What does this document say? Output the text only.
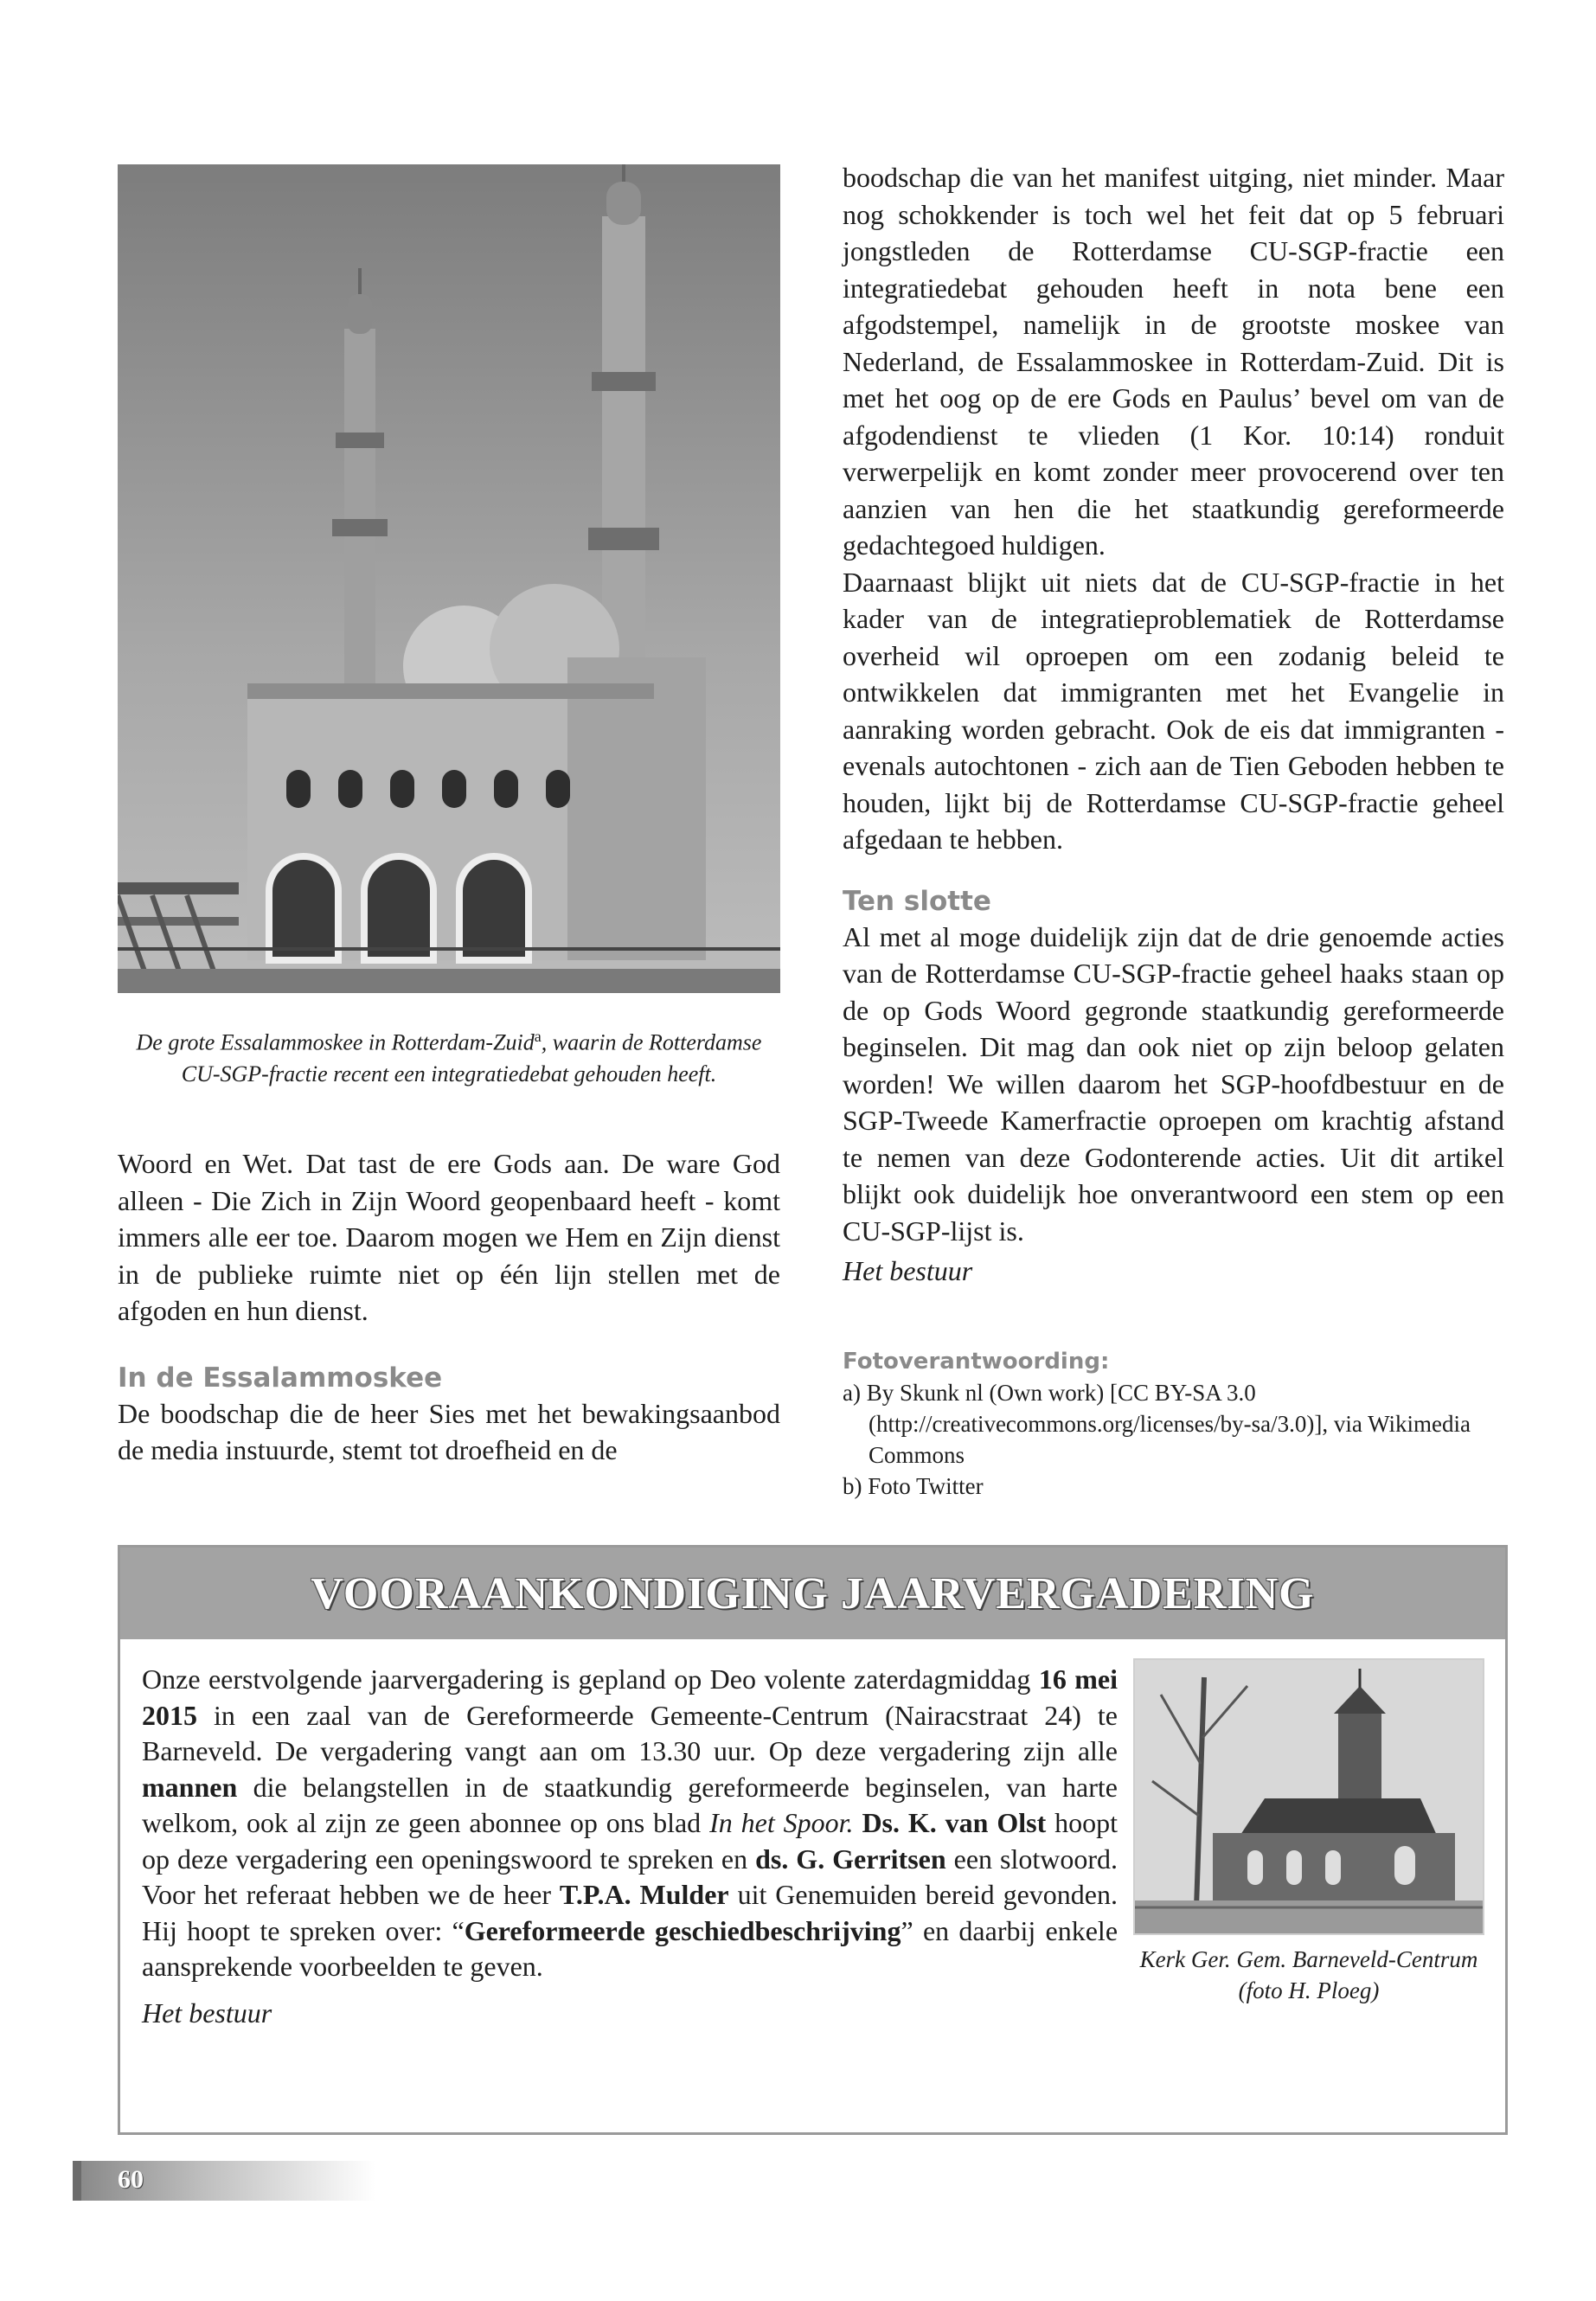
De grote Essalammoskee in Rotterdam-Zuid$^a$, waarin de Rotterdamse CU-SGP-fractie recent een integratiedebat gehouden heeft.

Woord en Wet. Dat tast de ere Gods aan. De ware God alleen - Die Zich in Zijn Woord geopenbaard heeft - komt immers alle eer toe. Daarom mogen we Hem en Zijn dienst in de publieke ruimte niet op één lijn stellen met de afgoden en hun dienst.

In de Essalammoskee

De boodschap die de heer Sies met het bewakingsaanbod de media instuurde, stemt tot droefheid en de

boodschap die van het manifest uitging, niet minder. Maar nog schokkender is toch wel het feit dat op 5 februari jongstleden de Rotterdamse CU-SGP-fractie een integratiedebat gehouden heeft in nota bene een afgodstempel, namelijk in de grootste moskee van Nederland, de Essalammoskee in Rotterdam-Zuid. Dit is met het oog op de ere Gods en Paulus’ bevel om van de afgodendienst te vlieden (1 Kor. 10:14) ronduit verwerpelijk en komt zonder meer provocerend over ten aanzien van hen die het staatkundig gereformeerde gedachtegoed huldigen.

Daarnaast blijkt uit niets dat de CU-SGP-fractie in het kader van de integratieproblematiek de Rotterdamse overheid wil oproepen om een zodanig beleid te ontwikkelen dat immigranten met het Evangelie in aanraking worden gebracht. Ook de eis dat immigranten - evenals autochtonen - zich aan de Tien Geboden hebben te houden, lijkt bij de Rotterdamse CU-SGP-fractie geheel afgedaan te hebben.

Ten slotte

Al met al moge duidelijk zijn dat de drie genoemde acties van de Rotterdamse CU-SGP-fractie geheel haaks staan op de op Gods Woord gegronde staatkundig gereformeerde beginselen. Dit mag dan ook niet op zijn beloop gelaten worden! We willen daarom het SGP-hoofdbestuur en de SGP-Tweede Kamerfractie oproepen om krachtig afstand te nemen van deze Godonterende acties. Uit dit artikel blijkt ook duidelijk hoe onverantwoord een stem op een CU-SGP-lijst is.

Het bestuur

Fotoverantwoording:
a) By Skunk nl (Own work) [CC BY-SA 3.0 (http://creativecommons.org/licenses/by-sa/3.0)], via Wikimedia Commons
b) Foto Twitter
VOORAANKONDIGING JAARVERGADERING

Onze eerstvolgende jaarvergadering is gepland op Deo volente zaterdagmiddag 16 mei 2015 in een zaal van de Gereformeerde Gemeente-Centrum (Nairacstraat 24) te Barneveld. De vergadering vangt aan om 13.30 uur. Op deze vergadering zijn alle mannen die belangstellen in de staatkundig gereformeerde beginselen, van harte welkom, ook al zijn ze geen abonnee op ons blad In het Spoor. Ds. K. van Olst hoopt op deze vergadering een openingswoord te spreken en ds. G. Gerritsen een slotwoord. Voor het referaat hebben we de heer T.P.A. Mulder uit Genemuiden bereid gevonden. Hij hoopt te spreken over: “Gereformeerde geschiedbeschrijving” en daarbij enkele aansprekende voorbeelden te geven.

Het bestuur

Kerk Ger. Gem. Barneveld-Centrum (foto H. Ploeg)
60
